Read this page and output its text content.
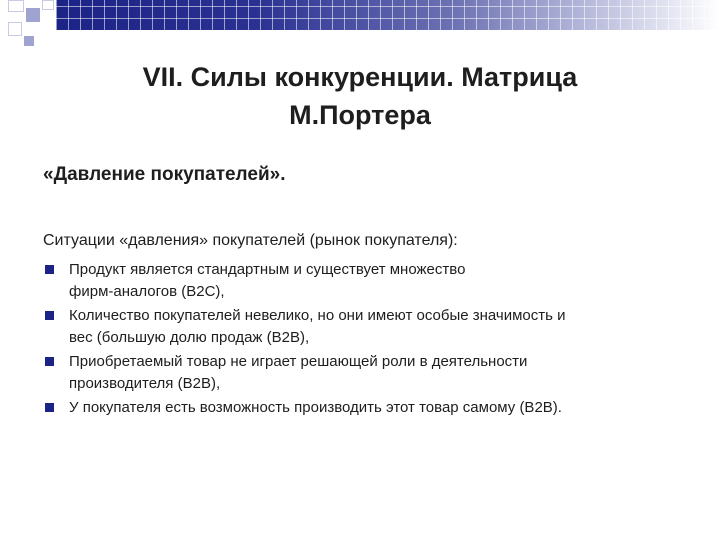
VII. Силы конкуренции. Матрица
М.Портера
«Давление покупателей».
Ситуации «давления» покупателей (рынок покупателя):
Продукт является стандартным и существует множество
фирм-аналогов (B2C),
Количество покупателей невелико, но они имеют особые значимость и
вес (большую долю продаж (B2B),
Приобретаемый товар не играет решающей роли в деятельности
производителя (B2B),
У покупателя есть возможность производить этот товар самому (B2B).
